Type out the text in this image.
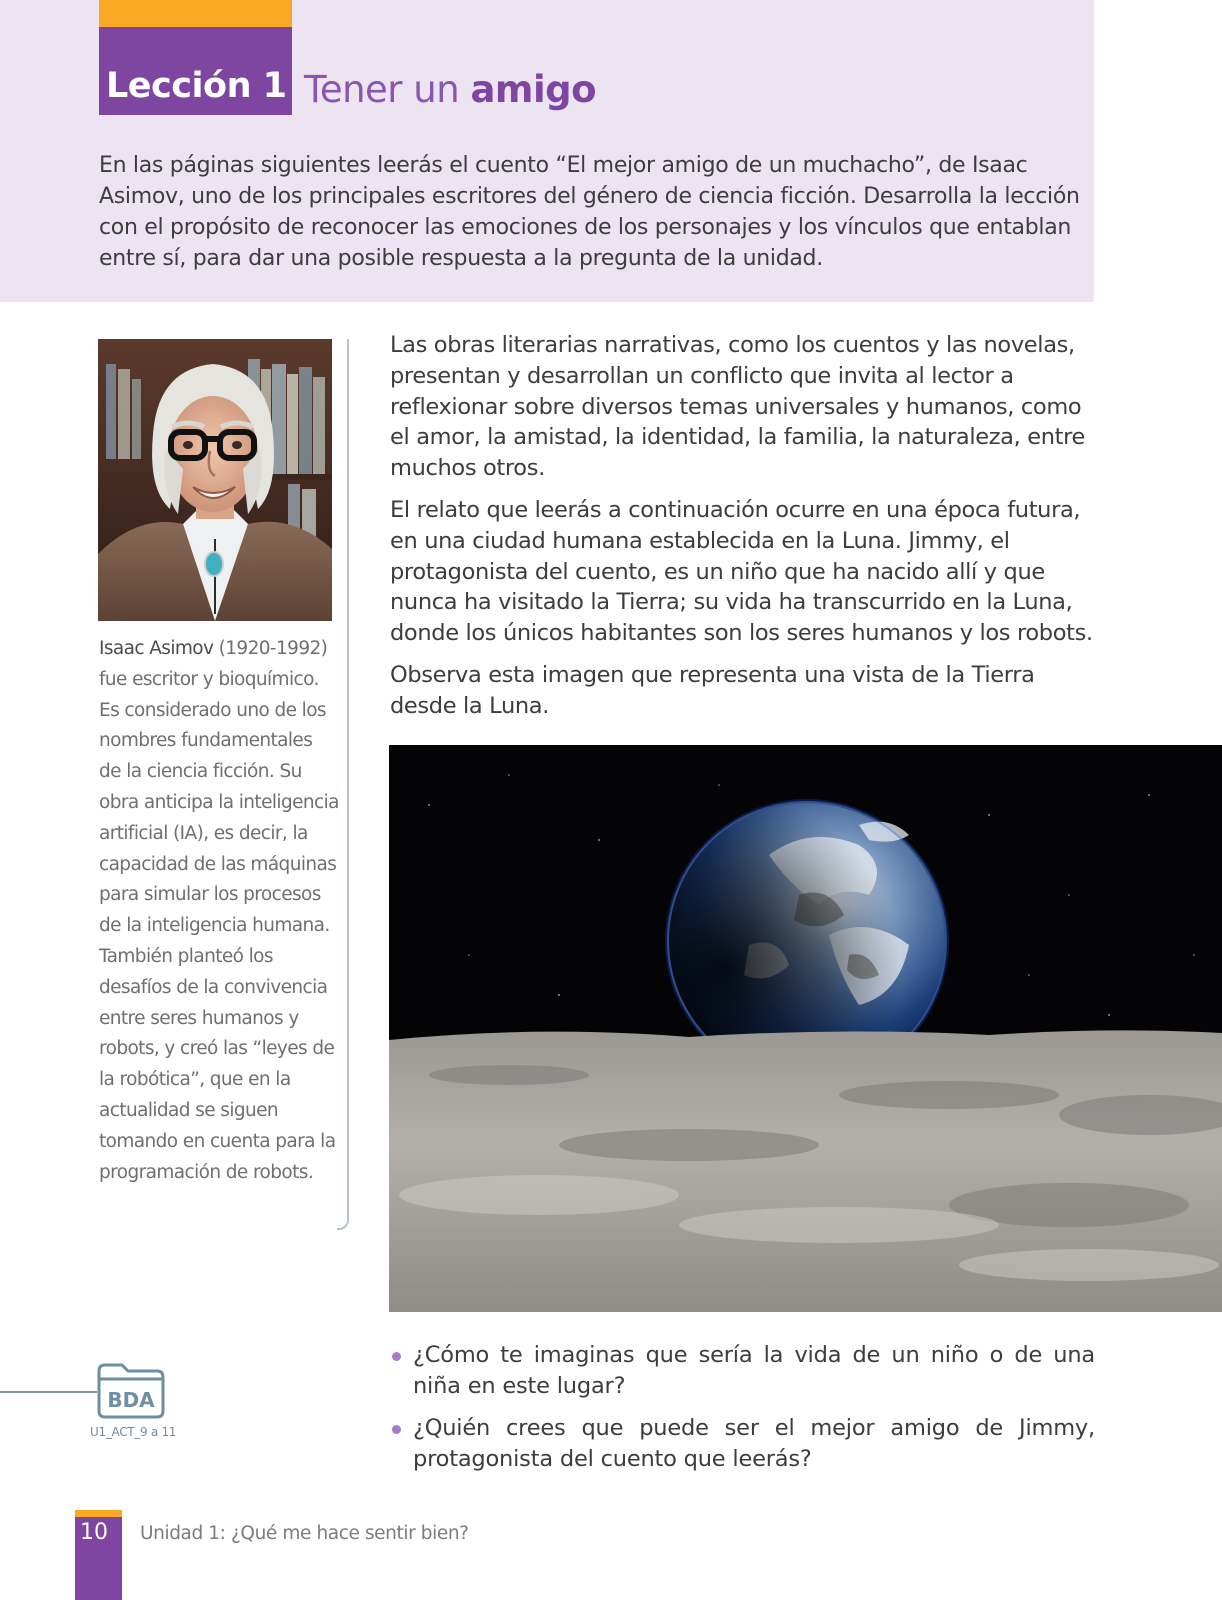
Lección 1 Tener un amigo

En las páginas siguientes leerás el cuento “El mejor amigo de un muchacho”, de Isaac Asimov, uno de los principales escritores del género de ciencia ficción. Desarrolla la lección con el propósito de reconocer las emociones de los personajes y los vínculos que entablan entre sí, para dar una posible respuesta a la pregunta de la unidad.

Isaac Asimov (1920-1992) fue escritor y bioquímico. Es considerado uno de los nombres fundamentales de la ciencia ficción. Su obra anticipa la inteligencia artificial (IA), es decir, la capacidad de las máquinas para simular los procesos de la inteligencia humana. También planteó los desafíos de la convivencia entre seres humanos y robots, y creó las “leyes de la robótica”, que en la actualidad se siguen tomando en cuenta para la programación de robots.

Las obras literarias narrativas, como los cuentos y las novelas, presentan y desarrollan un conflicto que invita al lector a reflexionar sobre diversos temas universales y humanos, como el amor, la amistad, la identidad, la familia, la naturaleza, entre muchos otros.

El relato que leerás a continuación ocurre en una época futura, en una ciudad humana establecida en la Luna. Jimmy, el protagonista del cuento, es un niño que ha nacido allí y que nunca ha visitado la Tierra; su vida ha transcurrido en la Luna, donde los únicos habitantes son los seres humanos y los robots.

Observa esta imagen que representa una vista de la Tierra desde la Luna.

¿Cómo te imaginas que sería la vida de un niño o de una niña en este lugar?
¿Quién crees que puede ser el mejor amigo de Jimmy, protagonista del cuento que leerás?
BDA
U1_ACT_9 a 11
10	Unidad 1: ¿Qué me hace sentir bien?
